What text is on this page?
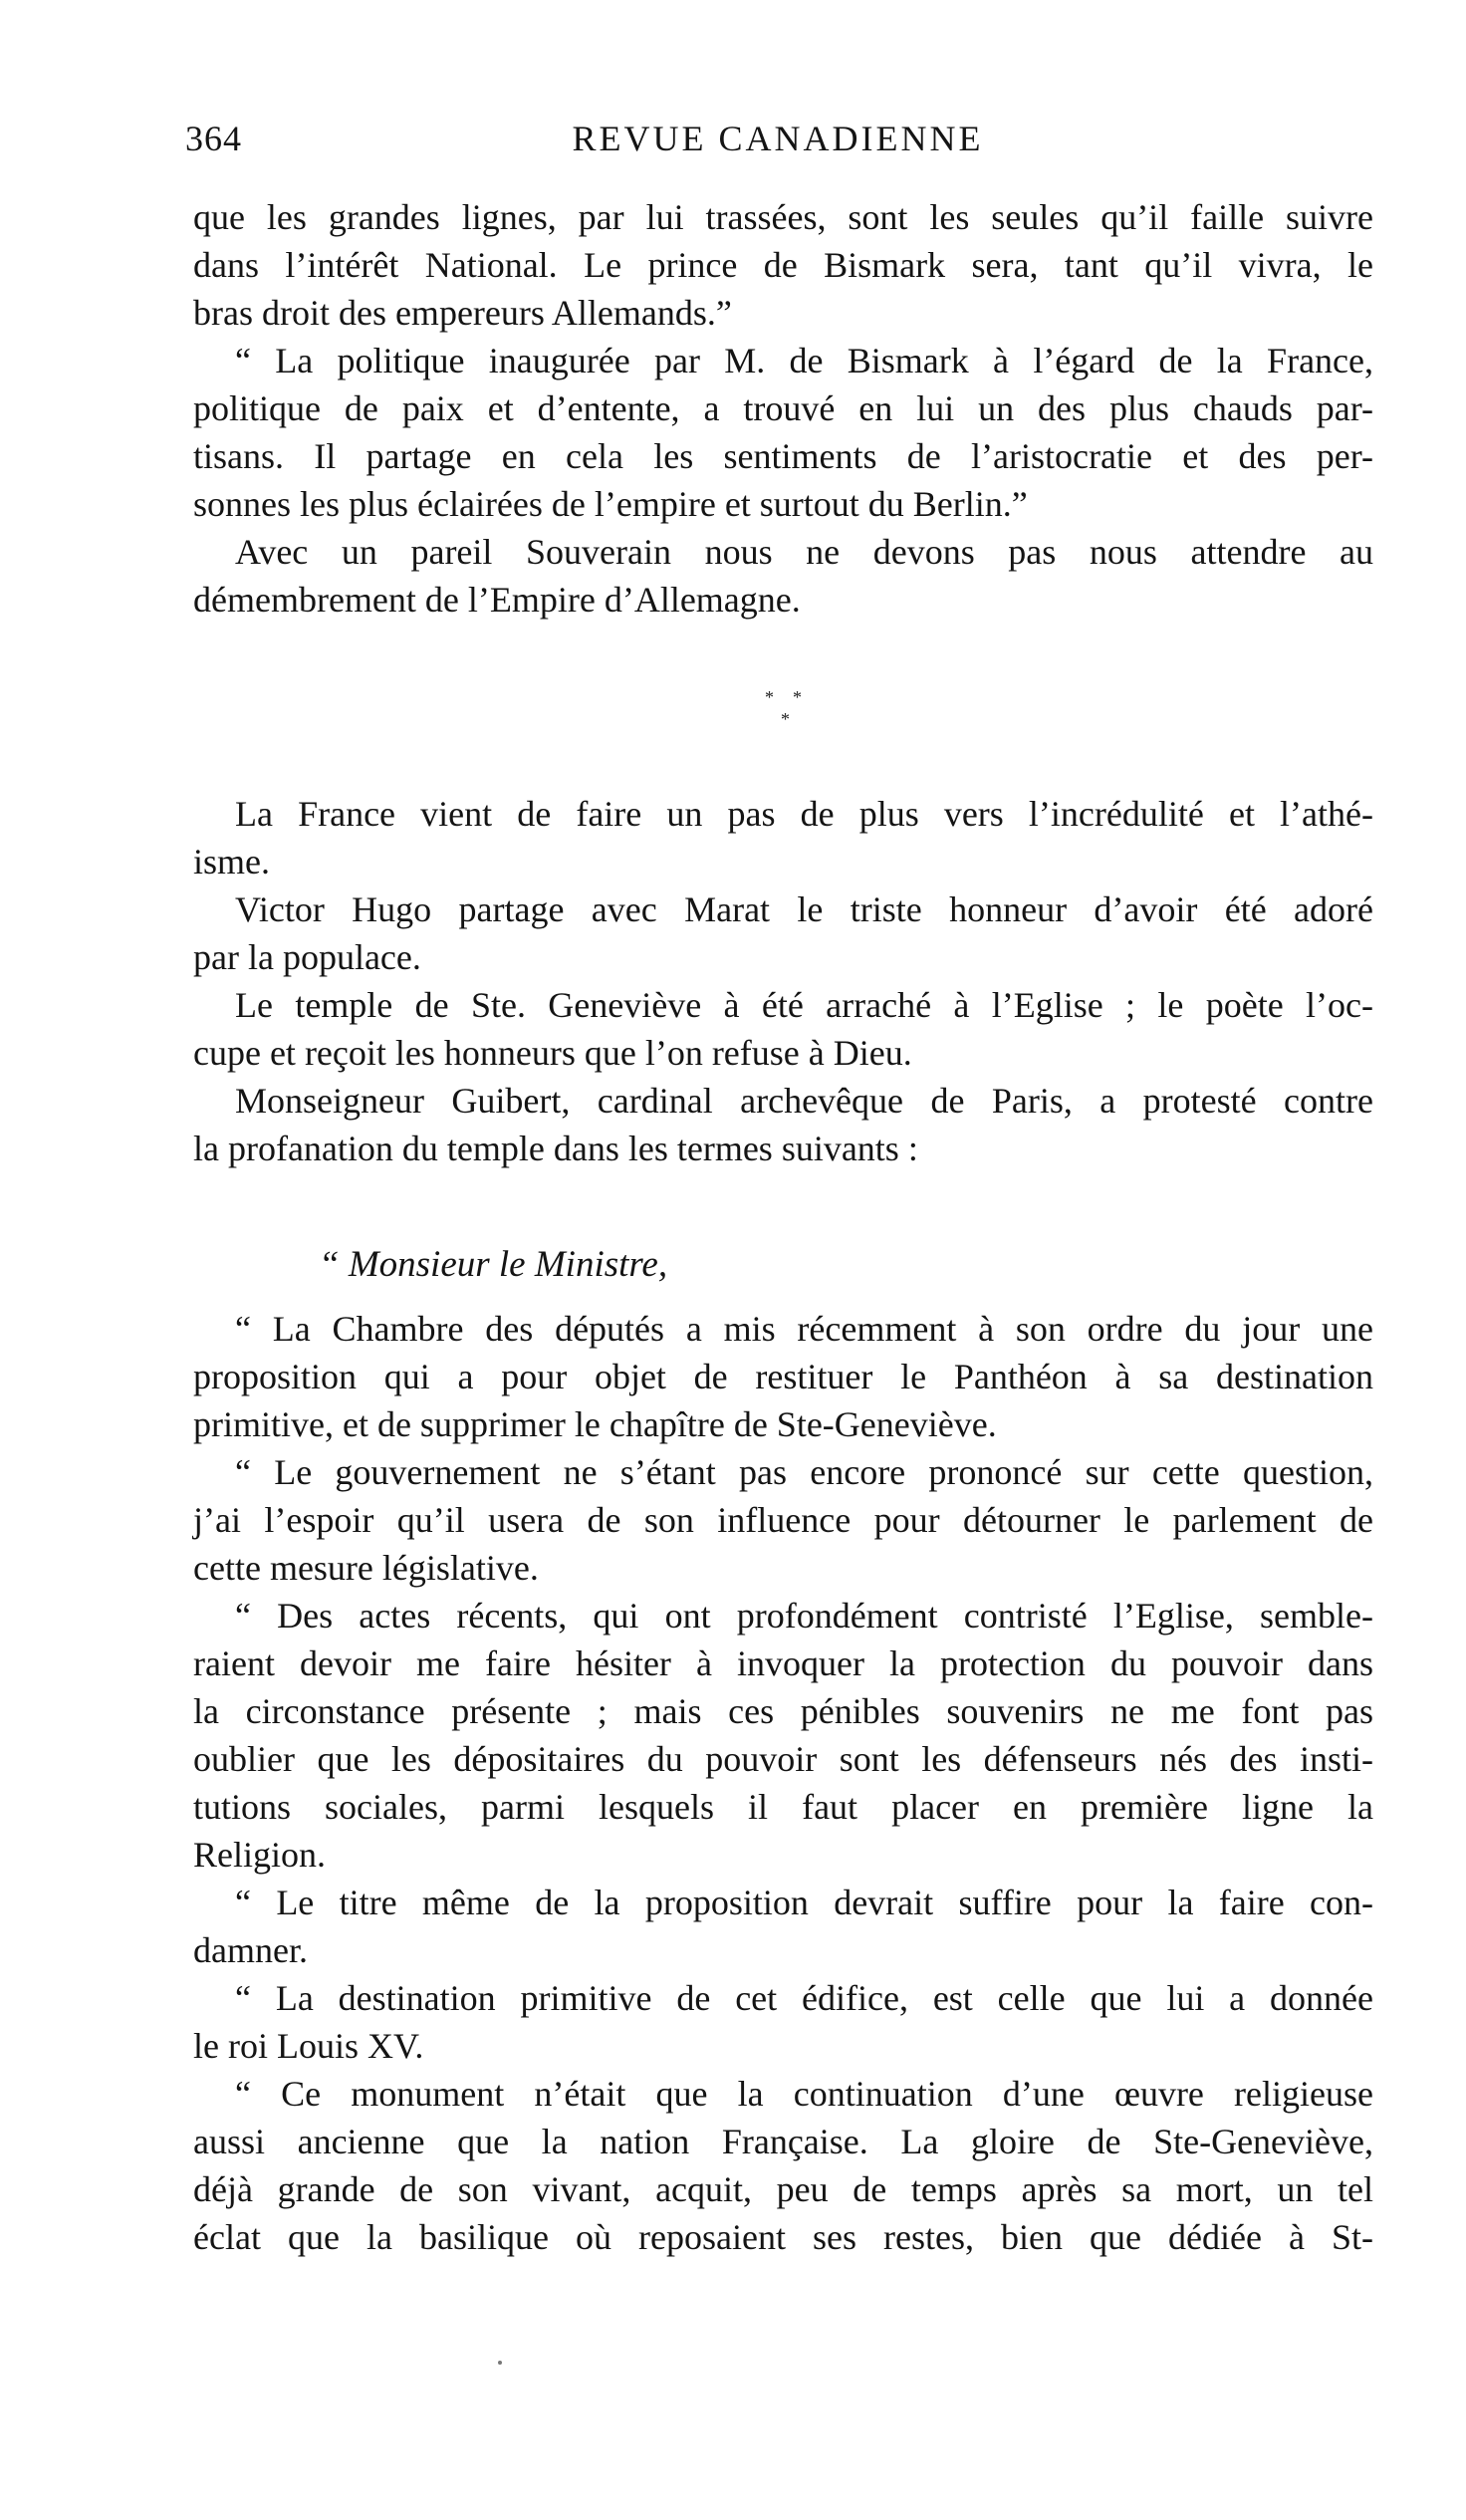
364	REVUE CANADIENNE
que les grandes lignes, par lui trassées, sont les seules qu’il faille suivre
dans l’intérêt National. Le prince de Bismark sera, tant qu’il vivra, le
bras droit des empereurs Allemands.”
“ La politique inaugurée par M. de Bismark à l’égard de la France,
politique de paix et d’entente, a trouvé en lui un des plus chauds par-
tisans. Il partage en cela les sentiments de l’aristocratie et des per-
sonnes les plus éclairées de l’empire et surtout du Berlin.”
Avec un pareil Souverain nous ne devons pas nous attendre au
démembrement de l’Empire d’Allemagne.
* *
*
La France vient de faire un pas de plus vers l’incrédulité et l’athé-
isme.
Victor Hugo partage avec Marat le triste honneur d’avoir été adoré
par la populace.
Le temple de Ste. Geneviève à été arraché à l’Eglise ; le poète l’oc-
cupe et reçoit les honneurs que l’on refuse à Dieu.
Monseigneur Guibert, cardinal archevêque de Paris, a protesté contre
la profanation du temple dans les termes suivants :
“ Monsieur le Ministre,
“ La Chambre des députés a mis récemment à son ordre du jour une
proposition qui a pour objet de restituer le Panthéon à sa destination
primitive, et de supprimer le chapître de Ste-Geneviève.
“ Le gouvernement ne s’étant pas encore prononcé sur cette question,
j’ai l’espoir qu’il usera de son influence pour détourner le parlement de
cette mesure législative.
“ Des actes récents, qui ont profondément contristé l’Eglise, semble-
raient devoir me faire hésiter à invoquer la protection du pouvoir dans
la circonstance présente ; mais ces pénibles souvenirs ne me font pas
oublier que les dépositaires du pouvoir sont les défenseurs nés des insti-
tutions sociales, parmi lesquels il faut placer en première ligne la
Religion.
“ Le titre même de la proposition devrait suffire pour la faire con-
damner.
“ La destination primitive de cet édifice, est celle que lui a donnée
le roi Louis XV.
“ Ce monument n’était que la continuation d’une œuvre religieuse
aussi ancienne que la nation Française. La gloire de Ste-Geneviève,
déjà grande de son vivant, acquit, peu de temps après sa mort, un tel
éclat que la basilique où reposaient ses restes, bien que dédiée à St-
